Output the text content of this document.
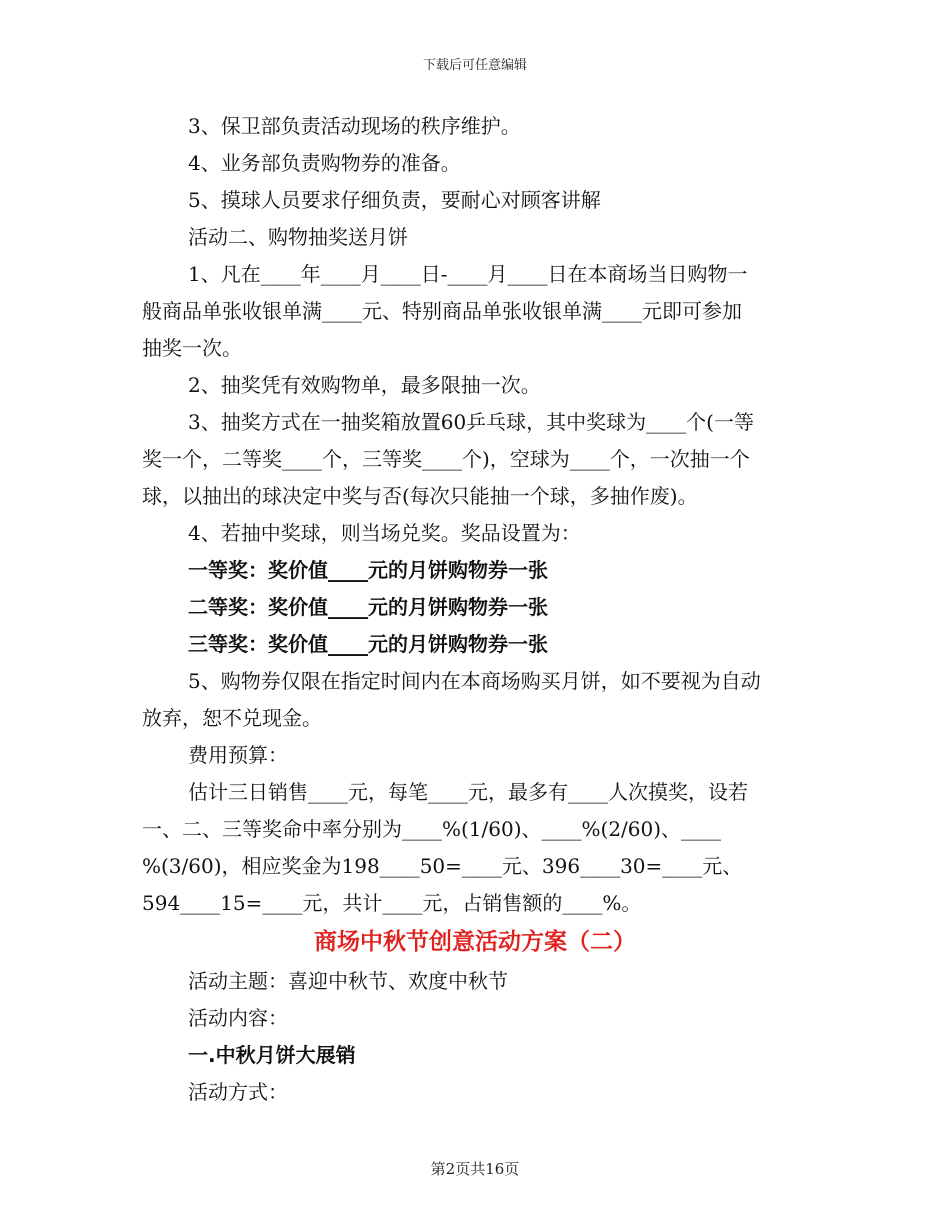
下载后可任意编辑

3、保卫部负责活动现场的秩序维护。

4、业务部负责购物券的准备。

5、摸球人员要求仔细负责，要耐心对顾客讲解

活动二、购物抽奖送月饼

1、凡在____年____月____日-____月____日在本商场当日购物一

般商品单张收银单满____元、特别商品单张收银单满____元即可参加

抽奖一次。

2、抽奖凭有效购物单，最多限抽一次。

3、抽奖方式在一抽奖箱放置60乒乓球，其中奖球为____个(一等

奖一个，二等奖____个，三等奖____个)，空球为____个，一次抽一个

球，以抽出的球决定中奖与否(每次只能抽一个球，多抽作废)。

4、若抽中奖球，则当场兑奖。奖品设置为：

一等奖：奖价值____元的月饼购物券一张

二等奖：奖价值____元的月饼购物券一张

三等奖：奖价值____元的月饼购物券一张

5、购物券仅限在指定时间内在本商场购买月饼，如不要视为自动

放弃，恕不兑现金。

费用预算：

估计三日销售____元，每笔____元，最多有____人次摸奖，设若

一、二、三等奖命中率分别为____%(1/60)、____%(2/60)、____

%(3/60)，相应奖金为198____50=____元、396____30=____元、

594____15=____元，共计____元，占销售额的____%。

商场中秋节创意活动方案（二）

活动主题：喜迎中秋节、欢度中秋节

活动内容：

一.中秋月饼大展销

活动方式：

第2页共16页
